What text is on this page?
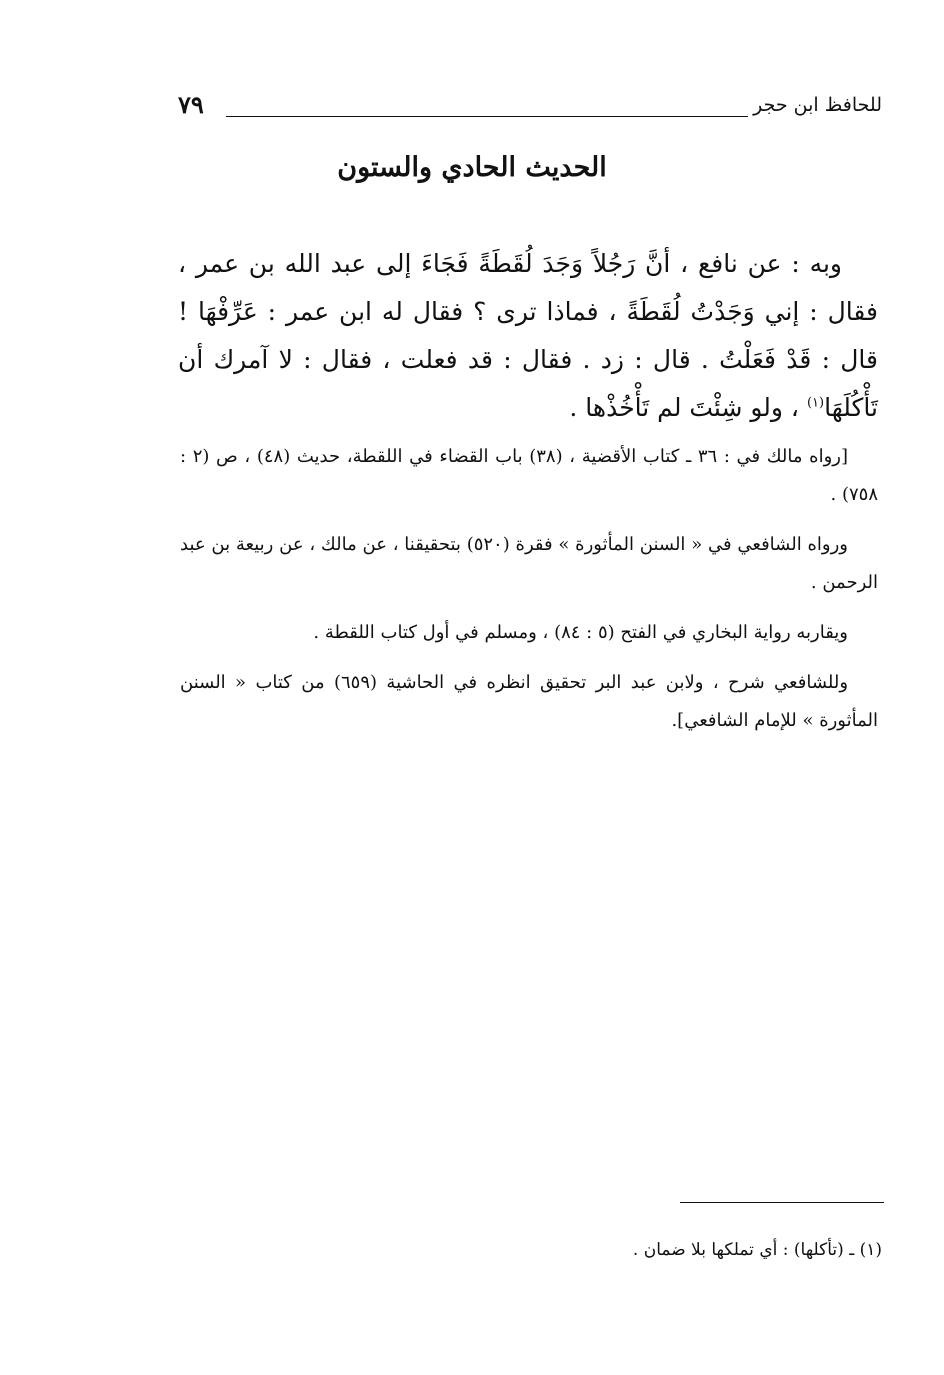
للحافظ ابن حجر
٧٩
الحديث الحادي والستون

وبه : عن نافع ، أنَّ رَجُلاً وَجَدَ لُقَطَةً فَجَاءَ إلى عبد الله بن عمر ، فقال : إني وَجَدْتُ لُقَطَةً ، فماذا ترى ؟ فقال له ابن عمر : عَرِّفْهَا ! قال : قَدْ فَعَلْتُ . قال : زد . فقال : قد فعلت ، فقال : لا آمرك أن تَأْكُلَهَا$^{(١)}$ ، ولو شِئْتَ لم تَأْخُذْها .

[رواه مالك في : ٣٦ ـ كتاب الأقضية ، (٣٨) باب القضاء في اللقطة، حديث (٤٨) ، ص (٢ : ٧٥٨) .

ورواه الشافعي في « السنن المأثورة » فقرة (٥٢٠) بتحقيقنا ، عن مالك ، عن ربيعة بن عبد الرحمن .

ويقاربه رواية البخاري في الفتح (٥ : ٨٤) ، ومسلم في أول كتاب اللقطة .

وللشافعي شرح ، ولابن عبد البر تحقيق انظره في الحاشية (٦٥٩) من كتاب « السنن المأثورة » للإمام الشافعي].

(١) ـ (تأكلها) : أي تملكها بلا ضمان .
